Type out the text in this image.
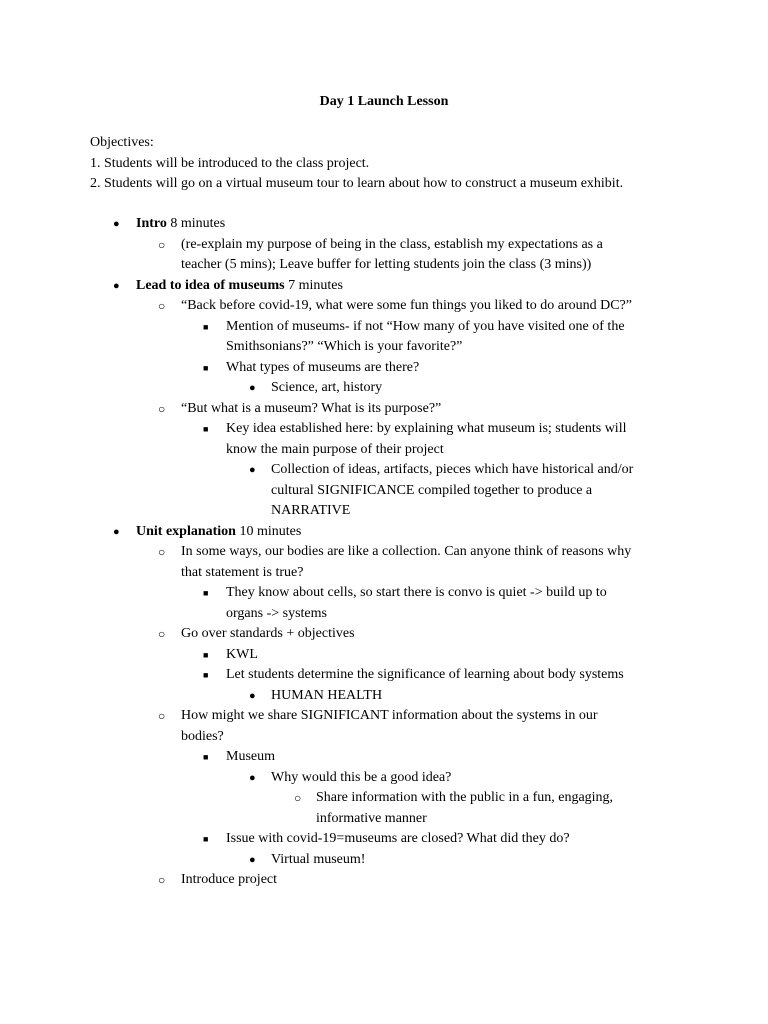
Day 1 Launch Lesson
Objectives:
1. Students will be introduced to the class project.
2. Students will go on a virtual museum tour to learn about how to construct a museum exhibit.
● Intro 8 minutes
○ (re-explain my purpose of being in the class, establish my expectations as a
teacher (5 mins); Leave buffer for letting students join the class (3 mins))
● Lead to idea of museums 7 minutes
○ “Back before covid-19, what were some fun things you liked to do around DC?”
■ Mention of museums- if not “How many of you have visited one of the
Smithsonians?” “Which is your favorite?”
■ What types of museums are there?
● Science, art, history
○ “But what is a museum? What is its purpose?”
■ Key idea established here: by explaining what museum is; students will
know the main purpose of their project
● Collection of ideas, artifacts, pieces which have historical and/or
cultural SIGNIFICANCE compiled together to produce a
NARRATIVE
● Unit explanation 10 minutes
○ In some ways, our bodies are like a collection. Can anyone think of reasons why
that statement is true?
■ They know about cells, so start there is convo is quiet -> build up to
organs -> systems
○ Go over standards + objectives
■ KWL
■ Let students determine the significance of learning about body systems
● HUMAN HEALTH
○ How might we share SIGNIFICANT information about the systems in our
bodies?
■ Museum
● Why would this be a good idea?
○ Share information with the public in a fun, engaging,
informative manner
■ Issue with covid-19=museums are closed? What did they do?
● Virtual museum!
○ Introduce project
